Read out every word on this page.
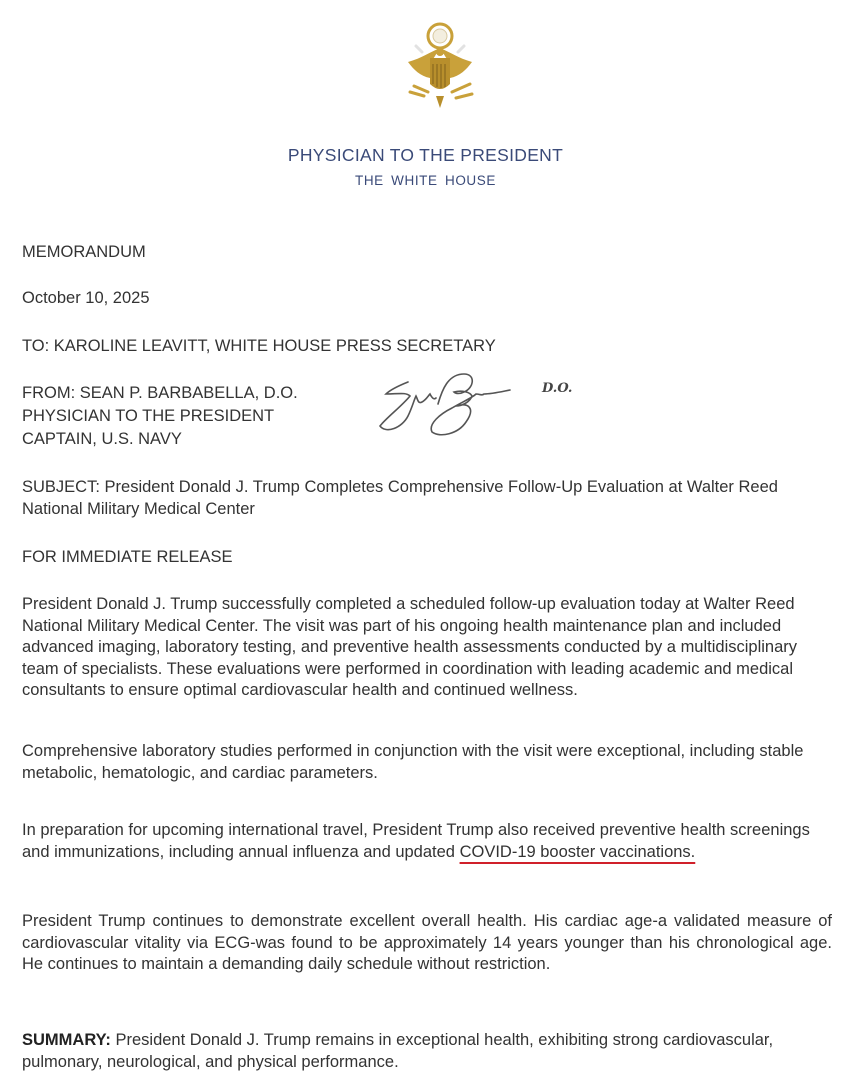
PHYSICIAN TO THE PRESIDENT
THE WHITE HOUSE
MEMORANDUM
October 10, 2025
TO: KAROLINE LEAVITT, WHITE HOUSE PRESS SECRETARY
FROM: SEAN P. BARBABELLA, D.O.
PHYSICIAN TO THE PRESIDENT
CAPTAIN, U.S. NAVY
D.O.
SUBJECT: President Donald J. Trump Completes Comprehensive Follow-Up Evaluation at Walter Reed National Military Medical Center
FOR IMMEDIATE RELEASE
President Donald J. Trump successfully completed a scheduled follow-up evaluation today at Walter Reed National Military Medical Center. The visit was part of his ongoing health maintenance plan and included advanced imaging, laboratory testing, and preventive health assessments conducted by a multidisciplinary team of specialists. These evaluations were performed in coordination with leading academic and medical consultants to ensure optimal cardiovascular health and continued wellness.
Comprehensive laboratory studies performed in conjunction with the visit were exceptional, including stable metabolic, hematologic, and cardiac parameters.
In preparation for upcoming international travel, President Trump also received preventive health screenings and immunizations, including annual influenza and updated COVID-19 booster vaccinations.
President Trump continues to demonstrate excellent overall health. His cardiac age-a validated measure of cardiovascular vitality via ECG-was found to be approximately 14 years younger than his chronological age. He continues to maintain a demanding daily schedule without restriction.
SUMMARY: President Donald J. Trump remains in exceptional health, exhibiting strong cardiovascular, pulmonary, neurological, and physical performance.
